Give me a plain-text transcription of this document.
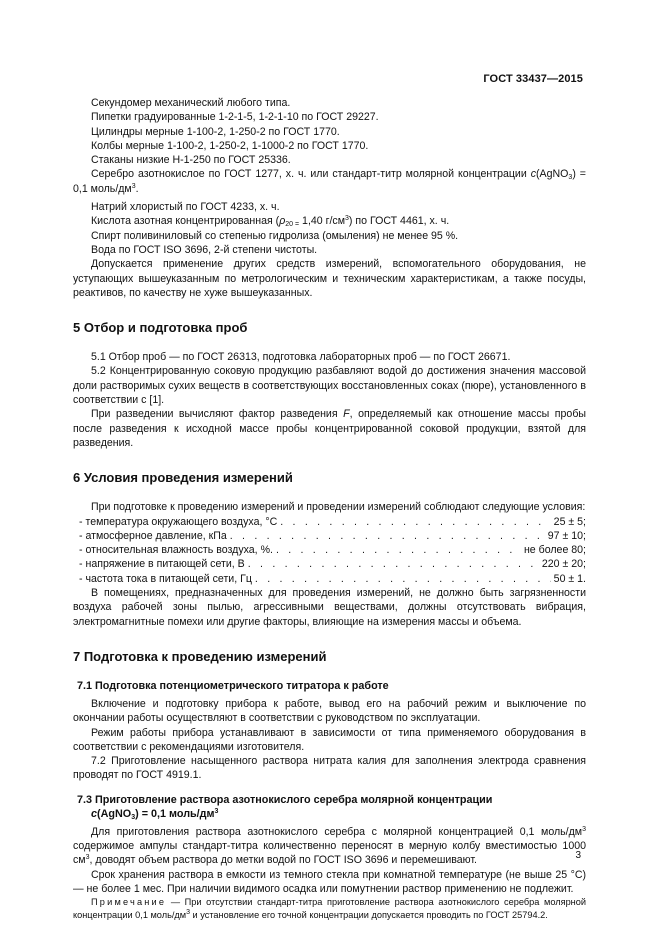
ГОСТ 33437—2015

Секундомер механический любого типа.

Пипетки градуированные 1-2-1-5, 1-2-1-10 по ГОСТ 29227.

Цилиндры мерные 1-100-2, 1-250-2 по ГОСТ 1770.

Колбы мерные 1-100-2, 1-250-2, 1-1000-2 по ГОСТ 1770.

Стаканы низкие Н-1-250 по ГОСТ 25336.

Серебро азотнокислое по ГОСТ 1277, х. ч. или стандарт-титр молярной концентрации c(AgNO$_3$) = 0,1 моль/$дм^3$.

Натрий хлористый по ГОСТ 4233, х. ч.

Кислота азотная концентрированная ($\rho_{20 =}$ 1,40 $г/см^3$) по ГОСТ 4461, х. ч.

Спирт поливиниловый со степенью гидролиза (омыления) не менее 95 %.

Вода по ГОСТ ISO 3696, 2-й степени чистоты.

Допускается применение других средств измерений, вспомогательного оборудования, не уступающих вышеуказанным по метрологическим и техническим характеристикам, а также посуды, реактивов, по качеству не хуже вышеуказанных.

5 Отбор и подготовка проб

5.1 Отбор проб — по ГОСТ 26313, подготовка лабораторных проб — по ГОСТ 26671.

5.2 Концентрированную соковую продукцию разбавляют водой до достижения значения массовой доли растворимых сухих веществ в соответствующих восстановленных соках (пюре), установленного в соответствии с [1].

При разведении вычисляют фактор разведения F, определяемый как отношение массы пробы после разведения к исходной массе пробы концентрированной соковой продукции, взятой для разведения.

6 Условия проведения измерений

При подготовке к проведению измерений и проведении измерений соблюдают следующие условия:

- температура окружающего воздуха, °С . . .	25 ± 5;
- атмосферное давление, кПа . . .	97 ± 10;
- относительная влажность воздуха, %. . . .	не более 80;
- напряжение в питающей сети, В . . .	220 ± 20;
- частота тока в питающей сети, Гц . . .	50 ± 1.

В помещениях, предназначенных для проведения измерений, не должно быть загрязненности воздуха рабочей зоны пылью, агрессивными веществами, должны отсутствовать вибрация, электромагнитные помехи или другие факторы, влияющие на измерения массы и объема.

7 Подготовка к проведению измерений
7.1 Подготовка потенциометрического титратора к работе

Включение и подготовку прибора к работе, вывод его на рабочий режим и выключение по окончании работы осуществляют в соответствии с руководством по эксплуатации.

Режим работы прибора устанавливают в зависимости от типа применяемого оборудования в соответствии с рекомендациями изготовителя.

7.2 Приготовление насыщенного раствора нитрата калия для заполнения электрода сравнения проводят по ГОСТ 4919.1.

7.3 Приготовление раствора азотнокислого серебра молярной концентрации
c(AgNO$_3$) = 0,1 моль/$дм^3$

Для приготовления раствора азотнокислого серебра с молярной концентрацией 0,1 моль/$дм^3$ содержимое ампулы стандарт-титра количественно переносят в мерную колбу вместимостью 1000 $см^3$, доводят объем раствора до метки водой по ГОСТ ISO 3696 и перемешивают.

Срок хранения раствора в емкости из темного стекла при комнатной температуре (не выше 25 °С) — не более 1 мес. При наличии видимого осадка или помутнении раствор применению не подлежит.

Примечание — При отсутствии стандарт-титра приготовление раствора азотнокислого серебра молярной концентрации 0,1 моль/$дм^3$ и установление его точной концентрации допускается проводить по ГОСТ 25794.2.

3
